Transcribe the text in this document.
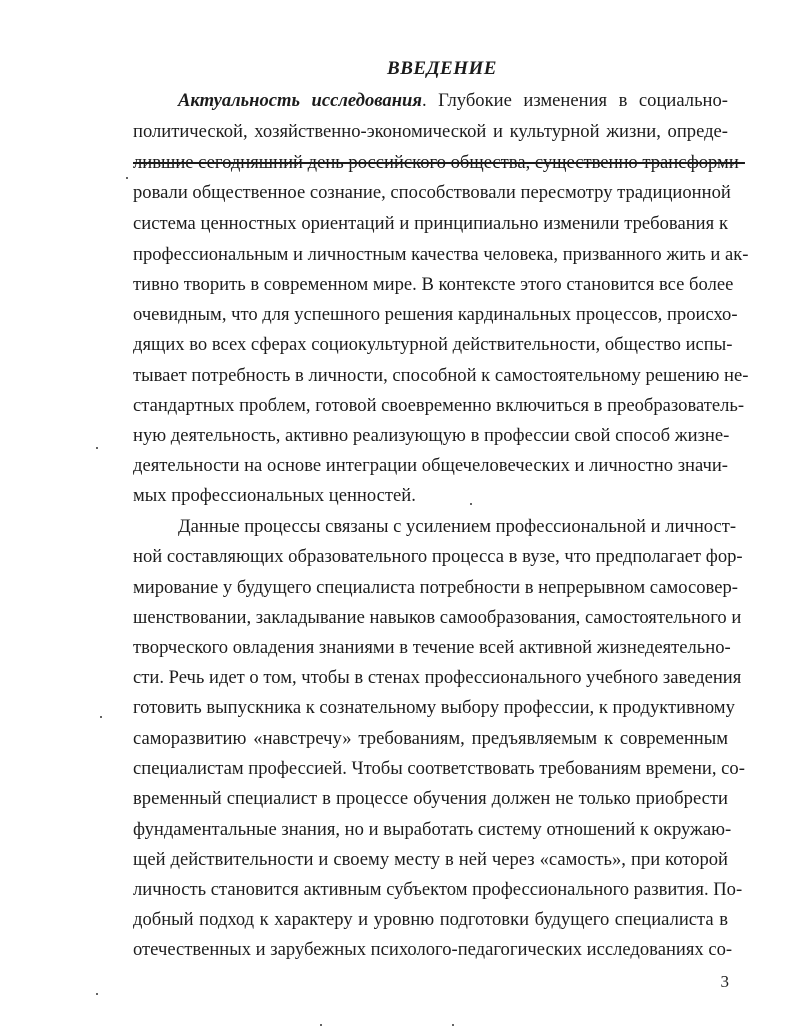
ВВЕДЕНИЕ

Актуальность исследования. Глубокие изменения в социально-

политической, хозяйственно-экономической и культурной жизни, опреде-

лившие сегодняшний день российского общества, существенно трансформи-

ровали общественное сознание, способствовали пересмотру традиционной

система ценностных ориентаций и принципиально изменили требования к

профессиональным и личностным качества человека, призванного жить и ак-

тивно творить в современном мире. В контексте этого становится все более

очевидным, что для успешного решения кардинальных процессов, происхо-

дящих во всех сферах социокультурной действительности, общество испы-

тывает потребность в личности, способной к самостоятельному решению не-

стандартных проблем, готовой своевременно включиться в преобразователь-

ную деятельность, активно реализующую в профессии свой способ жизне-

деятельности на основе интеграции общечеловеческих и личностно значи-

мых профессиональных ценностей.

Данные процессы связаны с усилением профессиональной и личност-

ной составляющих образовательного процесса в вузе, что предполагает фор-

мирование у будущего специалиста потребности в непрерывном самосовер-

шенствовании, закладывание навыков самообразования, самостоятельного и

творческого овладения знаниями в течение всей активной жизнедеятельно-

сти. Речь идет о том, чтобы в стенах профессионального учебного заведения

готовить выпускника к сознательному выбору профессии, к продуктивному

саморазвитию «навстречу» требованиям, предъявляемым к современным

специалистам профессией. Чтобы соответствовать требованиям времени, со-

временный специалист в процессе обучения должен не только приобрести

фундаментальные знания, но и выработать систему отношений к окружаю-

щей действительности и своему месту в ней через «самость», при которой

личность становится активным субъектом профессионального развития. По-

добный подход к характеру и уровню подготовки будущего специалиста в

отечественных и зарубежных психолого-педагогических исследованиях со-

3
